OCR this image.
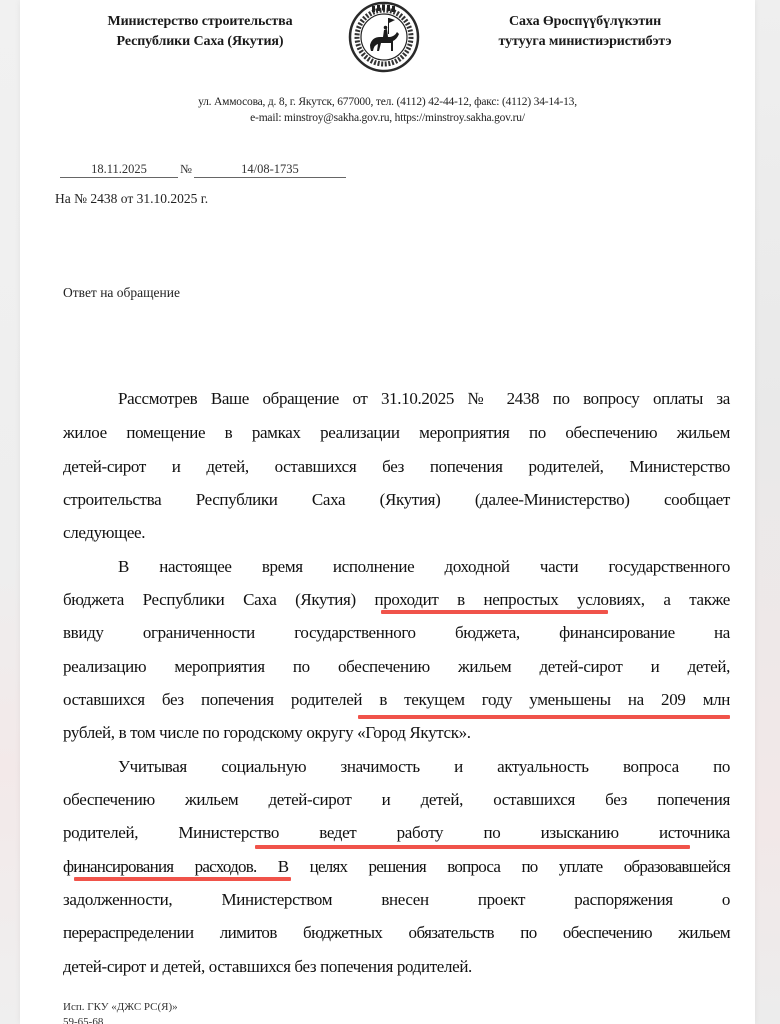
Министерство строительства
Республики Саха (Якутия)
Саха Өроспүүбүлүкэтин
тутууга министиэристибэтэ
ул. Аммосова, д. 8, г. Якутск, 677000, тел. (4112) 42-44-12, факс: (4112) 34-14-13,
e-mail: minstroy@sakha.gov.ru, https://minstroy.sakha.gov.ru/
18.11.2025	№	14/08-1735
На № 2438 от 31.10.2025 г.
Ответ на обращение
Рассмотрев Ваше обращение от 31.10.2025 № 2438 по вопросу оплаты за
жилое помещение в рамках реализации мероприятия по обеспечению жильем
детей-сирот и детей, оставшихся без попечения родителей, Министерство
строительства Республики Саха (Якутия) (далее-Министерство) сообщает
следующее.
В настоящее время исполнение доходной части государственного
бюджета Республики Саха (Якутия) проходит в непростых условиях, а также
ввиду ограниченности государственного бюджета, финансирование на
реализацию мероприятия по обеспечению жильем детей-сирот и детей,
оставшихся без попечения родителей в текущем году уменьшены на 209 млн
рублей, в том числе по городскому округу «Город Якутск».
Учитывая социальную значимость и актуальность вопроса по
обеспечению жильем детей-сирот и детей, оставшихся без попечения
родителей, Министерство ведет работу по изысканию источника
финансирования расходов. В целях решения вопроса по уплате образовавшейся
задолженности, Министерством внесен проект распоряжения о
перераспределении лимитов бюджетных обязательств по обеспечению жильем
детей-сирот и детей, оставшихся без попечения родителей.
Исп. ГКУ «ДЖС РС(Я)»
59-65-68
